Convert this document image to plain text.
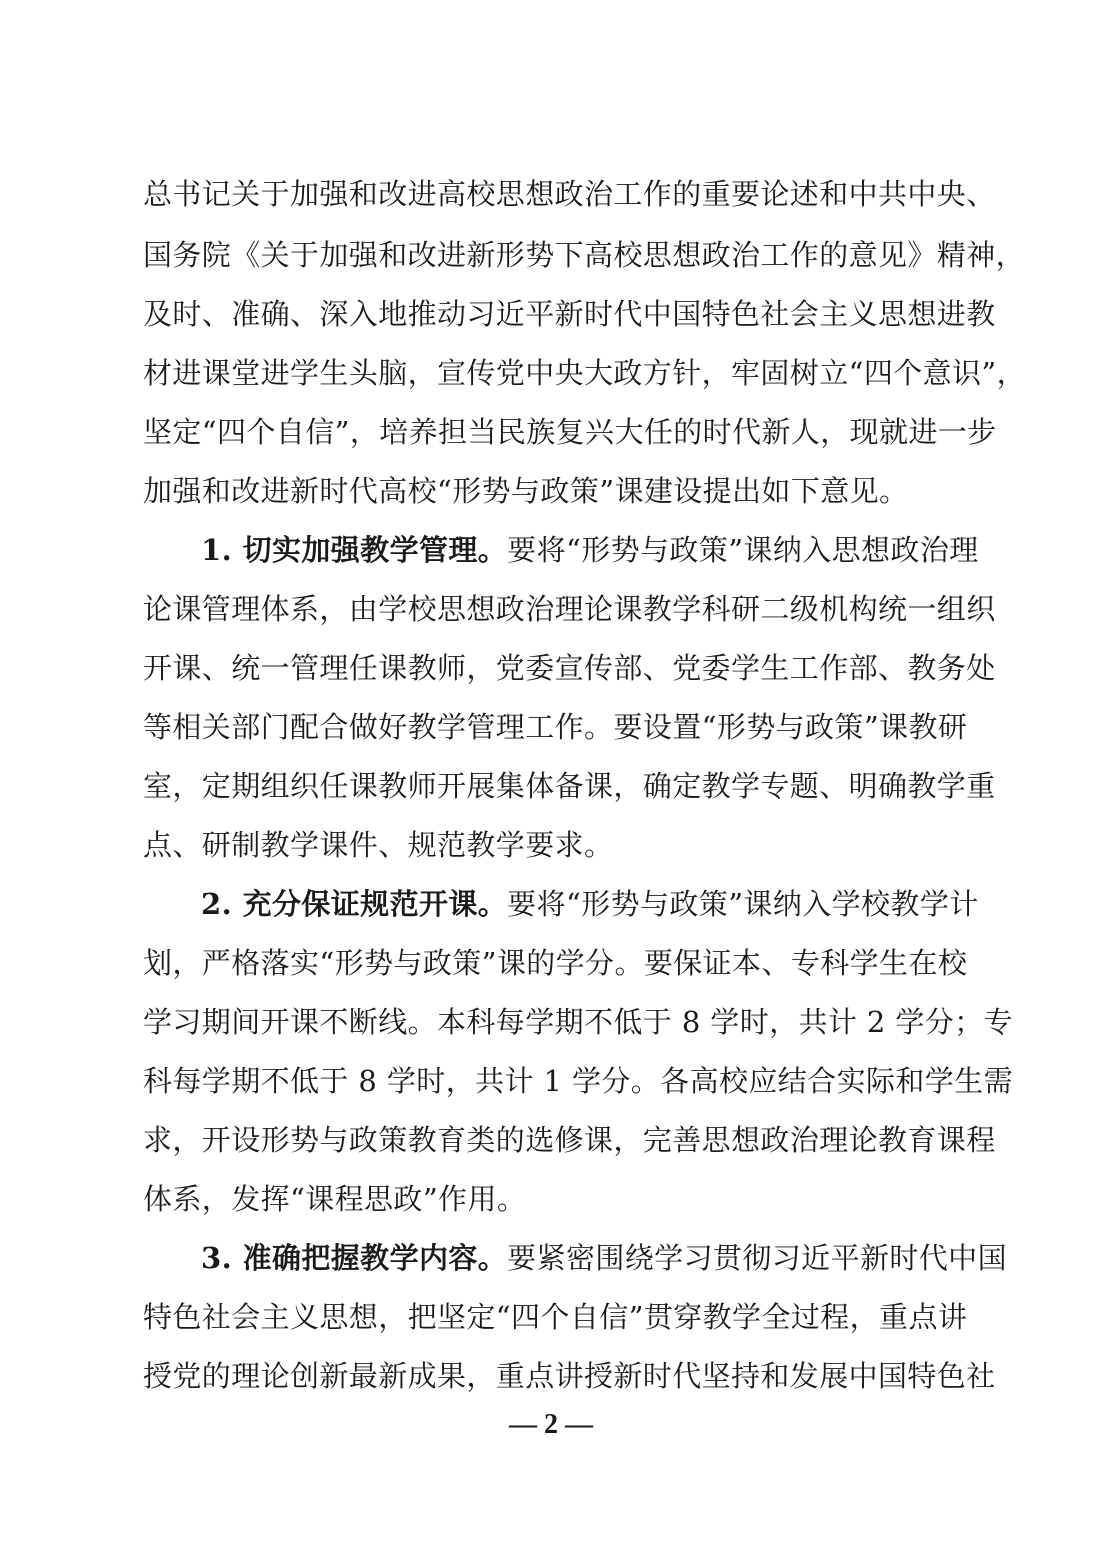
总书记关于加强和改进高校思想政治工作的重要论述和中共中央、
国务院《关于加强和改进新形势下高校思想政治工作的意见》精神，
及时、准确、深入地推动习近平新时代中国特色社会主义思想进教
材进课堂进学生头脑，宣传党中央大政方针，牢固树立“四个意识”，
坚定“四个自信”，培养担当民族复兴大任的时代新人，现就进一步
加强和改进新时代高校“形势与政策”课建设提出如下意见。
1. 切实加强教学管理。要将“形势与政策”课纳入思想政治理
论课管理体系，由学校思想政治理论课教学科研二级机构统一组织
开课、统一管理任课教师，党委宣传部、党委学生工作部、教务处
等相关部门配合做好教学管理工作。要设置“形势与政策”课教研
室，定期组织任课教师开展集体备课，确定教学专题、明确教学重
点、研制教学课件、规范教学要求。
2. 充分保证规范开课。要将“形势与政策”课纳入学校教学计
划，严格落实“形势与政策”课的学分。要保证本、专科学生在校
学习期间开课不断线。本科每学期不低于 8 学时，共计 2 学分；专
科每学期不低于 8 学时，共计 1 学分。各高校应结合实际和学生需
求，开设形势与政策教育类的选修课，完善思想政治理论教育课程
体系，发挥“课程思政”作用。
3. 准确把握教学内容。要紧密围绕学习贯彻习近平新时代中国
特色社会主义思想，把坚定“四个自信”贯穿教学全过程，重点讲
授党的理论创新最新成果，重点讲授新时代坚持和发展中国特色社
— 2 —
